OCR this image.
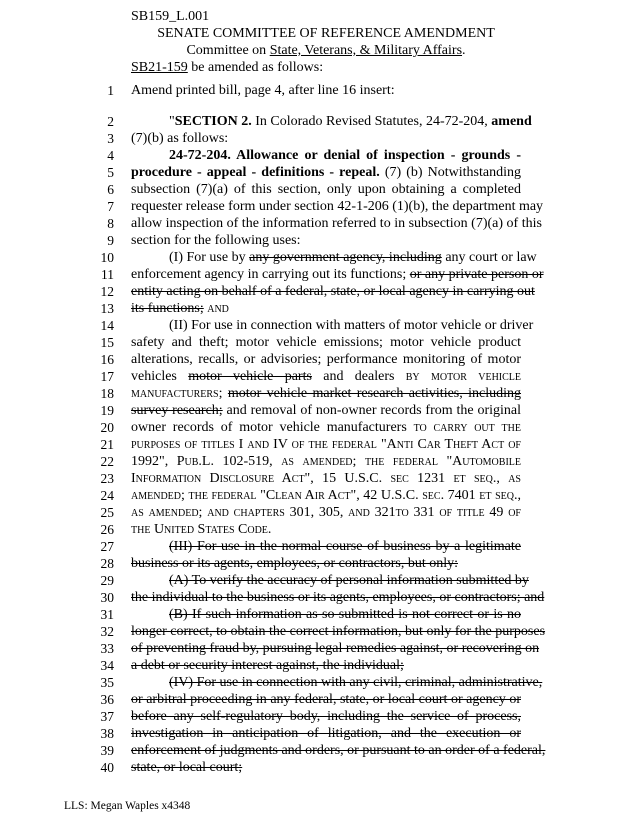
SB159_L.001
SENATE COMMITTEE OF REFERENCE AMENDMENT
Committee on State, Veterans, & Military Affairs.
SB21-159 be amended as follows:
1 Amend printed bill, page 4, after line 16 insert:
2	"SECTION 2. In Colorado Revised Statutes, 24-72-204, amend
3 (7)(b) as follows:
4	24-72-204. Allowance or denial of inspection - grounds -
5 procedure - appeal - definitions - repeal. (7) (b) Notwithstanding
6 subsection (7)(a) of this section, only upon obtaining a completed
7 requester release form under section 42-1-206 (1)(b), the department may
8 allow inspection of the information referred to in subsection (7)(a) of this
9 section for the following uses:
10	(I) For use by any government agency, including any court or law
11 enforcement agency in carrying out its functions; or any private person or
12 entity acting on behalf of a federal, state, or local agency in carrying out
13 its functions; and
14	(II) For use in connection with matters of motor vehicle or driver
15 safety and theft; motor vehicle emissions; motor vehicle product
16 alterations, recalls, or advisories; performance monitoring of motor
17 vehicles motor vehicle parts and dealers by motor vehicle
18 manufacturers; motor vehicle market research activities, including
19 survey research; and removal of non-owner records from the original
20 owner records of motor vehicle manufacturers to carry out the
21 purposes of titles I and IV of the federal "Anti Car Theft Act of
22 1992", Pub.L. 102-519, as amended; the federal "Automobile
23 Information Disclosure Act", 15 U.S.C. sec 1231 et seq., as
24 amended; the federal "Clean Air Act", 42 U.S.C. sec. 7401 et seq.,
25 as amended; and chapters 301, 305, and 321to 331 of title 49 of
26 the United States Code.
27	(III) For use in the normal course of business by a legitimate
28 business or its agents, employees, or contractors, but only:
29	(A) To verify the accuracy of personal information submitted by
30 the individual to the business or its agents, employees, or contractors; and
31	(B) If such information as so submitted is not correct or is no
32 longer correct, to obtain the correct information, but only for the purposes
33 of preventing fraud by, pursuing legal remedies against, or recovering on
34 a debt or security interest against, the individual;
35	(IV) For use in connection with any civil, criminal, administrative,
36 or arbitral proceeding in any federal, state, or local court or agency or
37 before any self-regulatory body, including the service of process,
38 investigation in anticipation of litigation, and the execution or
39 enforcement of judgments and orders, or pursuant to an order of a federal,
40 state, or local court;
LLS: Megan Waples x4348
